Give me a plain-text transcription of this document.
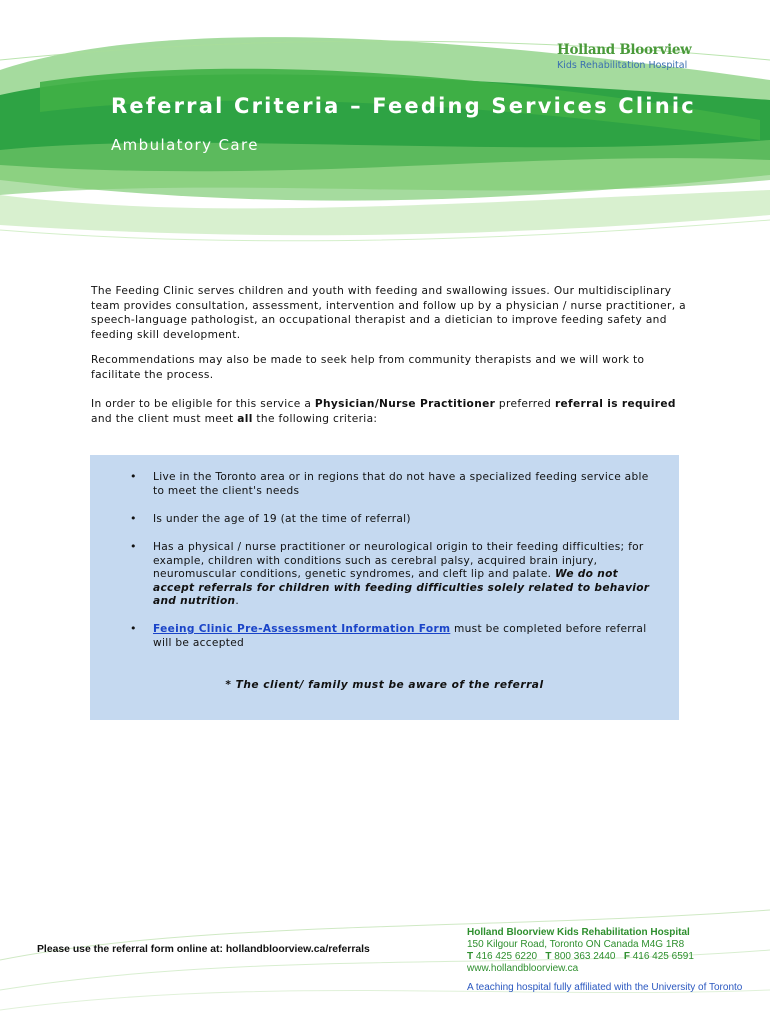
Holland Bloorview
Kids Rehabilitation Hospital
Referral Criteria – Feeding Services Clinic
Ambulatory Care
The Feeding Clinic serves children and youth with feeding and swallowing issues. Our multidisciplinary team provides consultation, assessment, intervention and follow up by a physician / nurse practitioner, a speech-language pathologist, an occupational therapist and a dietician to improve feeding safety and feeding skill development.
Recommendations may also be made to seek help from community therapists and we will work to facilitate the process.
In order to be eligible for this service a Physician/Nurse Practitioner preferred referral is required and the client must meet all the following criteria:
• Live in the Toronto area or in regions that do not have a specialized feeding service able to meet the client's needs
• Is under the age of 19 (at the time of referral)
• Has a physical / nurse practitioner or neurological origin to their feeding difficulties; for example, children with conditions such as cerebral palsy, acquired brain injury, neuromuscular conditions, genetic syndromes, and cleft lip and palate. We do not accept referrals for children with feeding difficulties solely related to behavior and nutrition.
• Feeing Clinic Pre-Assessment Information Form must be completed before referral will be accepted
* The client/ family must be aware of the referral
Please use the referral form online at: hollandbloorview.ca/referrals
Holland Bloorview Kids Rehabilitation Hospital
150 Kilgour Road, Toronto ON Canada M4G 1R8
T 416 425 6220 T 800 363 2440 F 416 425 6591
www.hollandbloorview.ca
A teaching hospital fully affiliated with the University of Toronto
